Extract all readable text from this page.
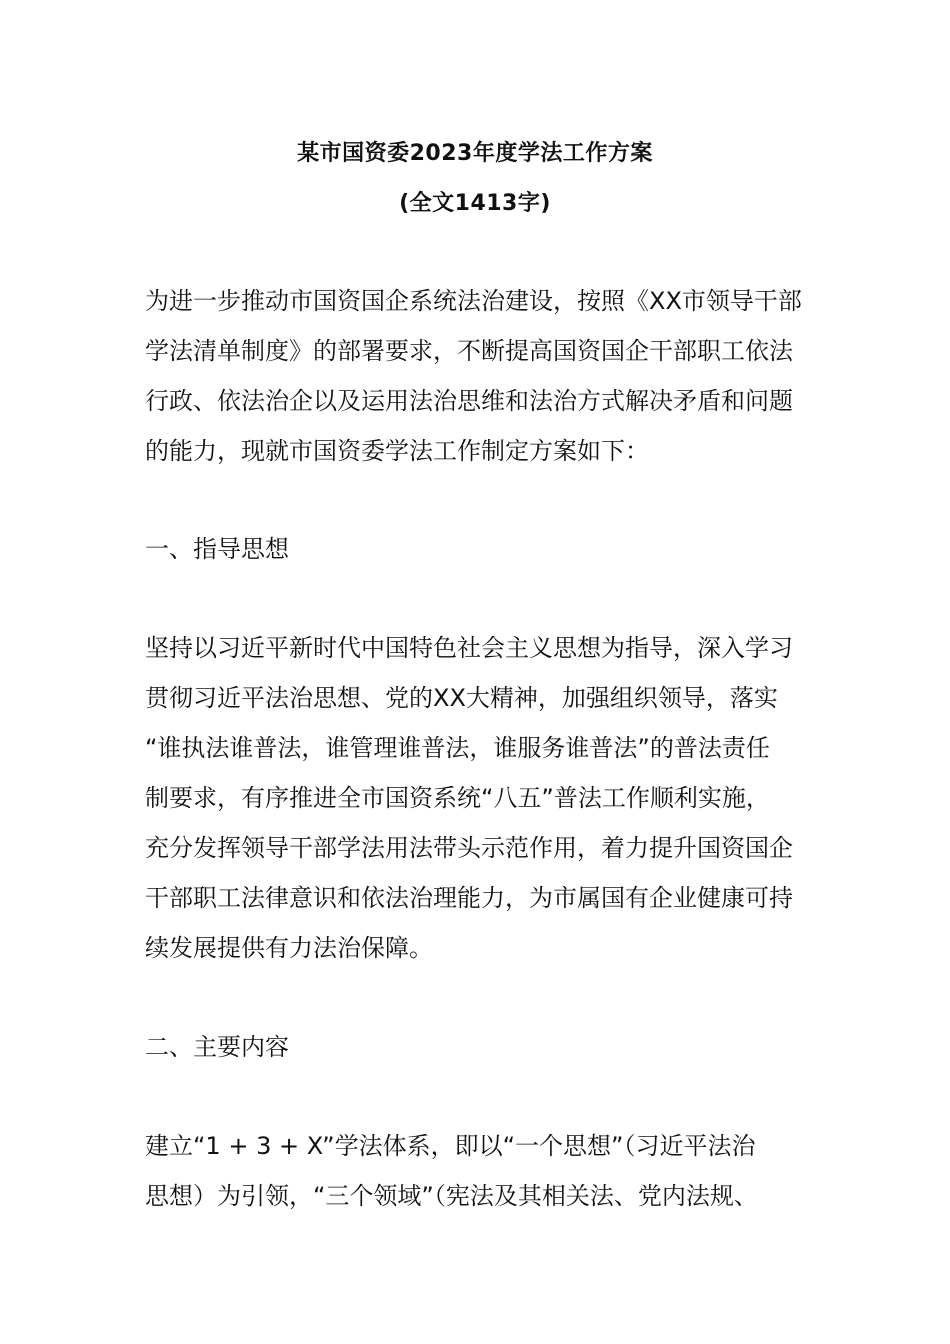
某市国资委2023年度学法工作方案
(全文1413字)

为进一步推动市国资国企系统法治建设，按照《XX市领导干部
学法清单制度》的部署要求，不断提高国资国企干部职工依法
行政、依法治企以及运用法治思维和法治方式解决矛盾和问题
的能力，现就市国资委学法工作制定方案如下：

一、指导思想

坚持以习近平新时代中国特色社会主义思想为指导，深入学习
贯彻习近平法治思想、党的XX大精神，加强组织领导，落实
“谁执法谁普法，谁管理谁普法，谁服务谁普法”的普法责任
制要求，有序推进全市国资系统“八五”普法工作顺利实施，
充分发挥领导干部学法用法带头示范作用，着力提升国资国企
干部职工法律意识和依法治理能力，为市属国有企业健康可持
续发展提供有力法治保障。

二、主要内容

建立“1 + 3 + X”学法体系，即以“一个思想”（习近平法治
思想）为引领，“三个领域”（宪法及其相关法、党内法规、
